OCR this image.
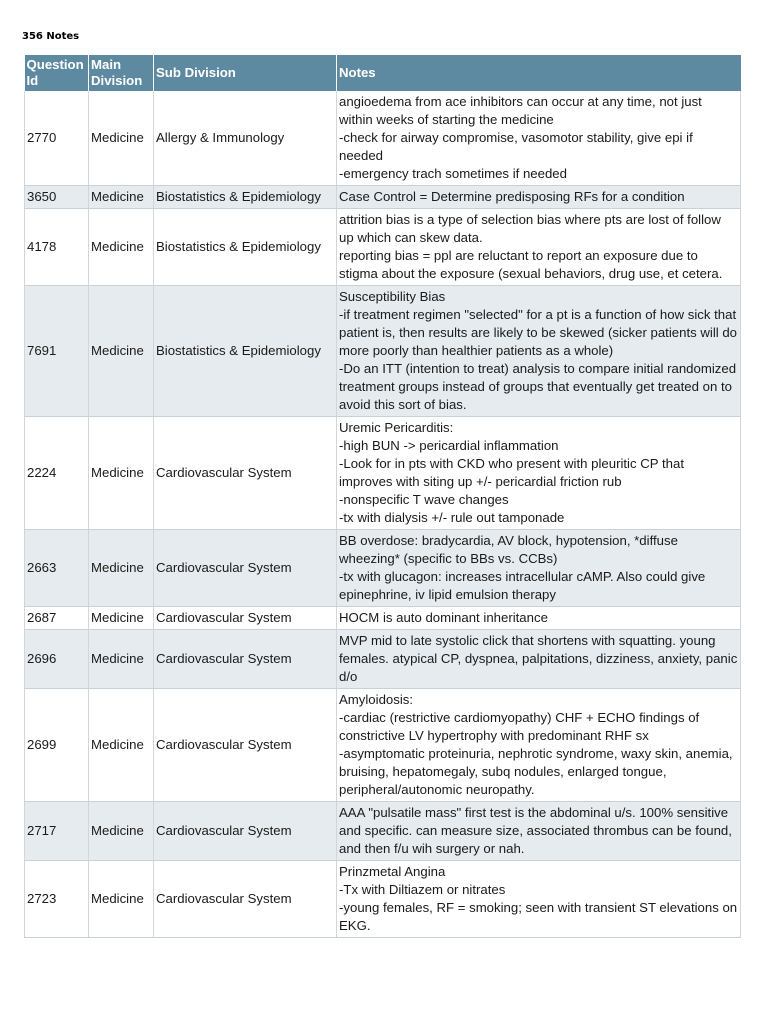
356 Notes
Question Id	Main Division	Sub Division	Notes
2770	Medicine	Allergy & Immunology	angioedema from ace inhibitors can occur at any time, not just within weeks of starting the medicine
-check for airway compromise, vasomotor stability, give epi if needed
-emergency trach sometimes if needed
3650	Medicine	Biostatistics & Epidemiology	Case Control = Determine predisposing RFs for a condition
4178	Medicine	Biostatistics & Epidemiology	attrition bias is a type of selection bias where pts are lost of follow up which can skew data.
reporting bias = ppl are reluctant to report an exposure due to stigma about the exposure (sexual behaviors, drug use, et cetera.
7691	Medicine	Biostatistics & Epidemiology	Susceptibility Bias
-if treatment regimen "selected" for a pt is a function of how sick that patient is, then results are likely to be skewed (sicker patients will do more poorly than healthier patients as a whole)
-Do an ITT (intention to treat) analysis to compare initial randomized treatment groups instead of groups that eventually get treated on to avoid this sort of bias.
2224	Medicine	Cardiovascular System	Uremic Pericarditis:
-high BUN -> pericardial inflammation
-Look for in pts with CKD who present with pleuritic CP that improves with siting up +/- pericardial friction rub
-nonspecific T wave changes
-tx with dialysis +/- rule out tamponade
2663	Medicine	Cardiovascular System	BB overdose: bradycardia, AV block, hypotension, *diffuse wheezing* (specific to BBs vs. CCBs)
-tx with glucagon: increases intracellular cAMP. Also could give epinephrine, iv lipid emulsion therapy
2687	Medicine	Cardiovascular System	HOCM is auto dominant inheritance
2696	Medicine	Cardiovascular System	MVP mid to late systolic click that shortens with squatting. young females. atypical CP, dyspnea, palpitations, dizziness, anxiety, panic d/o
2699	Medicine	Cardiovascular System	Amyloidosis:
-cardiac (restrictive cardiomyopathy) CHF + ECHO findings of constrictive LV hypertrophy with predominant RHF sx
-asymptomatic proteinuria, nephrotic syndrome, waxy skin, anemia, bruising, hepatomegaly, subq nodules, enlarged tongue, peripheral/autonomic neuropathy.
2717	Medicine	Cardiovascular System	AAA "pulsatile mass" first test is the abdominal u/s. 100% sensitive and specific. can measure size, associated thrombus can be found, and then f/u wih surgery or nah.
2723	Medicine	Cardiovascular System	Prinzmetal Angina
-Tx with Diltiazem or nitrates
-young females, RF = smoking; seen with transient ST elevations on EKG.
